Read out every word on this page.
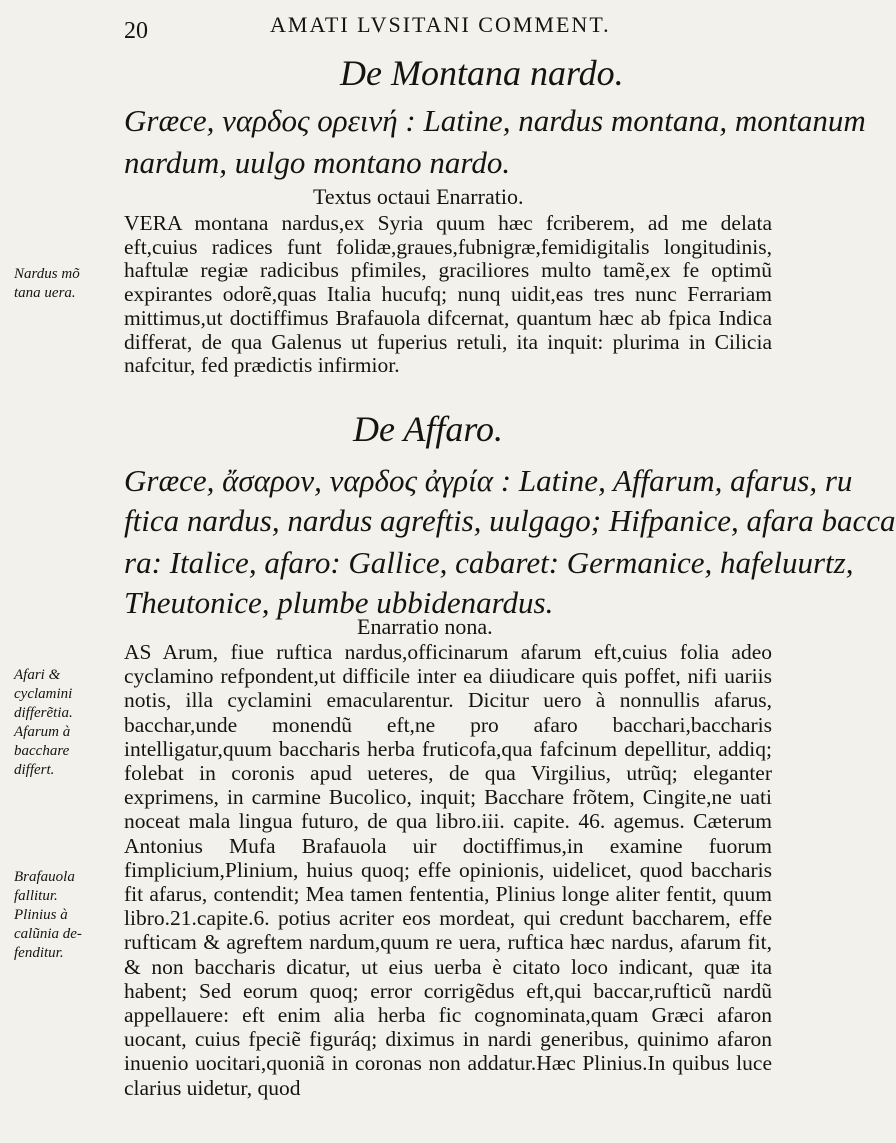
20	AMATI LVSITANI COMMENT.
De Montana nardo.
Græce, ναρδος ορεινή : Latine, nardus montana, montanum
nardum, uulgo montano nardo.
Textus octaui Enarratio.
VERA montana nardus,ex Syria quum hæc fcriberem, ad me delata eft,cuius radices funt folidæ,graues,fubnigræ,femidigitalis longitudinis, haftulæ regiæ radicibus pfimiles, graciliores multo tamẽ,ex fe optimũ expirantes odorẽ,quas Italia hucufq; nunq uidit,eas tres nunc Ferrariam mittimus,ut doctiffimus Brafauola difcernat, quantum hæc ab fpica Indica differat, de qua Galenus ut fuperius retuli, ita inquit: plurima in Cilicia nafcitur, fed prædictis infirmior.
Nardus mõ
tana uera.
De Affaro.
Græce, ἄσαρον, ναρδος ἀγρία : Latine, Affarum, afarus, ru
ftica nardus, nardus agreftis, uulgago; Hifpanice, afara bacca
ra: Italice, afaro: Gallice, cabaret: Germanice, hafeluurtz,
Theutonice, plumbe ubbidenardus.
Enarratio nona.
AS Arum, fiue ruftica nardus,officinarum afarum eft,cuius folia adeo cyclamino refpondent,ut difficile inter ea diiudicare quis poffet, nifi uariis notis, illa cyclamini emacularentur. Dicitur uero à nonnullis afarus, bacchar,unde monendũ eft,ne pro afaro bacchari,baccharis intelligatur,quum baccharis herba fruticofa,qua fafcinum depellitur, addiq; folebat in coronis apud ueteres, de qua Virgilius, utrũq; eleganter exprimens, in carmine Bucolico, inquit; Bacchare frõtem, Cingite,ne uati noceat mala lingua futuro, de qua libro.iii. capite. 46. agemus. Cæterum Antonius Mufa Brafauola uir doctiffimus,in examine fuorum fimplicium,Plinium, huius quoq; effe opinionis, uidelicet, quod baccharis fit afarus, contendit; Mea tamen fententia, Plinius longe aliter fentit, quum libro.21.capite.6. potius acriter eos mordeat, qui credunt baccharem, effe rufticam & agreftem nardum,quum re uera, ruftica hæc nardus, afarum fit, & non baccharis dicatur, ut eius uerba è citato loco indicant, quæ ita habent; Sed eorum quoq; error corrigẽdus eft,qui baccar,rufticũ nardũ appellauere: eft enim alia herba fic cognominata,quam Græci afaron uocant, cuius fpeciẽ figuráq; diximus in nardi generibus, quinimo afaron inuenio uocitari,quoniã in coronas non addatur.Hæc Plinius.In quibus luce clarius uidetur, quod
Afari &
cyclamini
differẽtia.
Afarum à
bacchare
differt.
Brafauola
fallitur.
Plinius à
calũnia de-
fenditur.
